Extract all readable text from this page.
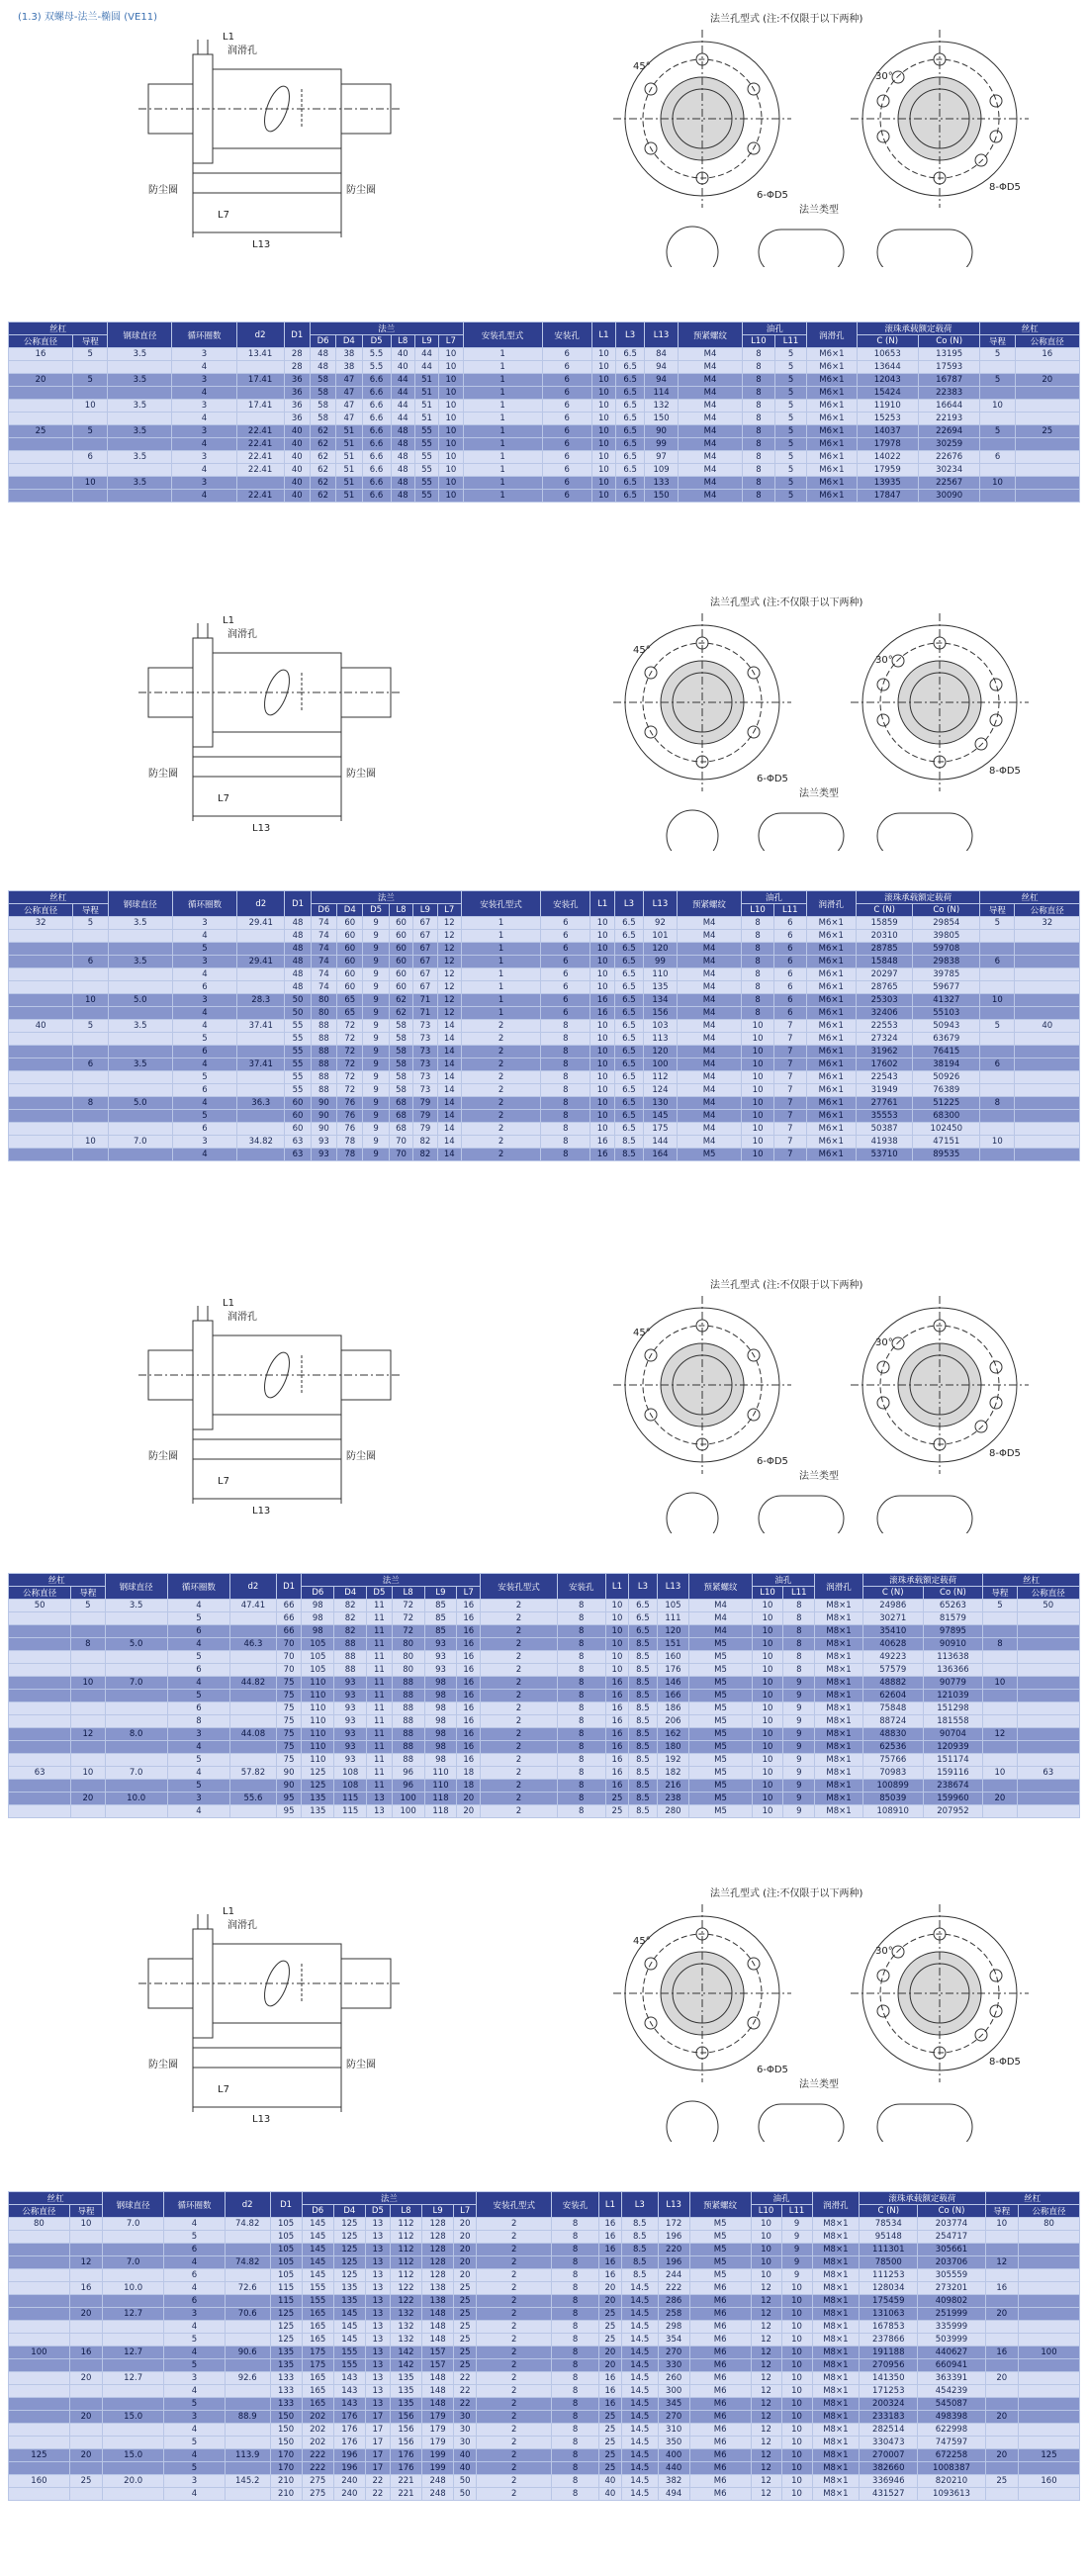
(1.3) 双螺母-法兰-椭圆 (VE11)
润滑孔
防尘圈	防尘圈
L13
L7
L1
法兰孔型式 (注:不仅限于以下两种)
法兰类型
45°
6-ΦD5
30°
8-ΦD5
润滑孔
防尘圈	防尘圈
L13
L7
L1
法兰孔型式 (注:不仅限于以下两种)
法兰类型
45°
6-ΦD5
30°
8-ΦD5
润滑孔
防尘圈	防尘圈
L13
L7
L1
法兰孔型式 (注:不仅限于以下两种)
法兰类型
45°
6-ΦD5
30°
8-ΦD5
润滑孔
防尘圈	防尘圈
L13
L7
L1
法兰孔型式 (注:不仅限于以下两种)
法兰类型
45°
6-ΦD5
30°
8-ΦD5
丝杠		钢球直径	循环圈数	d2	D1	法兰						安装孔型式	安装孔	L1	L3	L13	预紧螺纹	油孔		润滑孔	滚珠承载额定载荷		丝杠	
公称直径	导程					D6	D4	D5	L8	L9	L7							L10	L11		C (N)	Co (N)	导程	公称直径
16	5	3.5	3	13.41	28	48	38	5.5	40	44	10	1	6	10	6.5	84	M4	8	5	M6×1	10653	13195	5	16
			4		28	48	38	5.5	40	44	10	1	6	10	6.5	94	M4	8	5	M6×1	13644	17593		
20	5	3.5	3	17.41	36	58	47	6.6	44	51	10	1	6	10	6.5	94	M4	8	5	M6×1	12043	16787	5	20
			4		36	58	47	6.6	44	51	10	1	6	10	6.5	114	M4	8	5	M6×1	15424	22383		
	10	3.5	3	17.41	36	58	47	6.6	44	51	10	1	6	10	6.5	132	M4	8	5	M6×1	11910	16644	10	
			4		36	58	47	6.6	44	51	10	1	6	10	6.5	150	M4	8	5	M6×1	15253	22193		
25	5	3.5	3	22.41	40	62	51	6.6	48	55	10	1	6	10	6.5	90	M4	8	5	M6×1	14037	22694	5	25
			4	22.41	40	62	51	6.6	48	55	10	1	6	10	6.5	99	M4	8	5	M6×1	17978	30259		
	6	3.5	3	22.41	40	62	51	6.6	48	55	10	1	6	10	6.5	97	M4	8	5	M6×1	14022	22676	6	
			4	22.41	40	62	51	6.6	48	55	10	1	6	10	6.5	109	M4	8	5	M6×1	17959	30234		
	10	3.5	3		40	62	51	6.6	48	55	10	1	6	10	6.5	133	M4	8	5	M6×1	13935	22567	10	
			4	22.41	40	62	51	6.6	48	55	10	1	6	10	6.5	150	M4	8	5	M6×1	17847	30090		
丝杠		钢球直径	循环圈数	d2	D1	法兰						安装孔型式	安装孔	L1	L3	L13	预紧螺纹	油孔		润滑孔	滚珠承载额定载荷		丝杠	
公称直径	导程					D6	D4	D5	L8	L9	L7							L10	L11		C (N)	Co (N)	导程	公称直径
32	5	3.5	3	29.41	48	74	60	9	60	67	12	1	6	10	6.5	92	M4	8	6	M6×1	15859	29854	5	32
			4		48	74	60	9	60	67	12	1	6	10	6.5	101	M4	8	6	M6×1	20310	39805		
			5		48	74	60	9	60	67	12	1	6	10	6.5	120	M4	8	6	M6×1	28785	59708		
	6	3.5	3	29.41	48	74	60	9	60	67	12	1	6	10	6.5	99	M4	8	6	M6×1	15848	29838	6	
			4		48	74	60	9	60	67	12	1	6	10	6.5	110	M4	8	6	M6×1	20297	39785		
			6		48	74	60	9	60	67	12	1	6	10	6.5	135	M4	8	6	M6×1	28765	59677		
	10	5.0	3	28.3	50	80	65	9	62	71	12	1	6	16	6.5	134	M4	8	6	M6×1	25303	41327	10	
			4		50	80	65	9	62	71	12	1	6	16	6.5	156	M4	8	6	M6×1	32406	55103		
40	5	3.5	4	37.41	55	88	72	9	58	73	14	2	8	10	6.5	103	M4	10	7	M6×1	22553	50943	5	40
			5		55	88	72	9	58	73	14	2	8	10	6.5	113	M4	10	7	M6×1	27324	63679		
			6		55	88	72	9	58	73	14	2	8	10	6.5	120	M4	10	7	M6×1	31962	76415		
	6	3.5	4	37.41	55	88	72	9	58	73	14	2	8	10	6.5	100	M4	10	7	M6×1	17602	38194	6	
			5		55	88	72	9	58	73	14	2	8	10	6.5	112	M4	10	7	M6×1	22543	50926		
			6		55	88	72	9	58	73	14	2	8	10	6.5	124	M4	10	7	M6×1	31949	76389		
	8	5.0	4	36.3	60	90	76	9	68	79	14	2	8	10	6.5	130	M4	10	7	M6×1	27761	51225	8	
			5		60	90	76	9	68	79	14	2	8	10	6.5	145	M4	10	7	M6×1	35553	68300		
			6		60	90	76	9	68	79	14	2	8	10	6.5	175	M4	10	7	M6×1	50387	102450		
	10	7.0	3	34.82	63	93	78	9	70	82	14	2	8	16	8.5	144	M4	10	7	M6×1	41938	47151	10	
			4		63	93	78	9	70	82	14	2	8	16	8.5	164	M5	10	7	M6×1	53710	89535		
丝杠		钢球直径	循环圈数	d2	D1	法兰						安装孔型式	安装孔	L1	L3	L13	预紧螺纹	油孔		润滑孔	滚珠承载额定载荷		丝杠	
公称直径	导程					D6	D4	D5	L8	L9	L7							L10	L11		C (N)	Co (N)	导程	公称直径
50	5	3.5	4	47.41	66	98	82	11	72	85	16	2	8	10	6.5	105	M4	10	8	M8×1	24986	65263	5	50
			5		66	98	82	11	72	85	16	2	8	10	6.5	111	M4	10	8	M8×1	30271	81579		
			6		66	98	82	11	72	85	16	2	8	10	6.5	120	M4	10	8	M8×1	35410	97895		
	8	5.0	4	46.3	70	105	88	11	80	93	16	2	8	10	8.5	151	M5	10	8	M8×1	40628	90910	8	
			5		70	105	88	11	80	93	16	2	8	10	8.5	160	M5	10	8	M8×1	49223	113638		
			6		70	105	88	11	80	93	16	2	8	10	8.5	176	M5	10	8	M8×1	57579	136366		
	10	7.0	4	44.82	75	110	93	11	88	98	16	2	8	16	8.5	146	M5	10	9	M8×1	48882	90779	10	
			5		75	110	93	11	88	98	16	2	8	16	8.5	166	M5	10	9	M8×1	62604	121039		
			6		75	110	93	11	88	98	16	2	8	16	8.5	186	M5	10	9	M8×1	75848	151298		
			8		75	110	93	11	88	98	16	2	8	16	8.5	206	M5	10	9	M8×1	88724	181558		
	12	8.0	3	44.08	75	110	93	11	88	98	16	2	8	16	8.5	162	M5	10	9	M8×1	48830	90704	12	
			4		75	110	93	11	88	98	16	2	8	16	8.5	180	M5	10	9	M8×1	62536	120939		
			5		75	110	93	11	88	98	16	2	8	16	8.5	192	M5	10	9	M8×1	75766	151174		
63	10	7.0	4	57.82	90	125	108	11	96	110	18	2	8	16	8.5	182	M5	10	9	M8×1	70983	159116	10	63
			5		90	125	108	11	96	110	18	2	8	16	8.5	216	M5	10	9	M8×1	100899	238674		
	20	10.0	3	55.6	95	135	115	13	100	118	20	2	8	25	8.5	238	M5	10	9	M8×1	85039	159960	20	
			4		95	135	115	13	100	118	20	2	8	25	8.5	280	M5	10	9	M8×1	108910	207952		
丝杠		钢球直径	循环圈数	d2	D1	法兰						安装孔型式	安装孔	L1	L3	L13	预紧螺纹	油孔		润滑孔	滚珠承载额定载荷		丝杠	
公称直径	导程					D6	D4	D5	L8	L9	L7							L10	L11		C (N)	Co (N)	导程	公称直径
80	10	7.0	4	74.82	105	145	125	13	112	128	20	2	8	16	8.5	172	M5	10	9	M8×1	78534	203774	10	80
			5		105	145	125	13	112	128	20	2	8	16	8.5	196	M5	10	9	M8×1	95148	254717		
			6		105	145	125	13	112	128	20	2	8	16	8.5	220	M5	10	9	M8×1	111301	305661		
	12	7.0	4	74.82	105	145	125	13	112	128	20	2	8	16	8.5	196	M5	10	9	M8×1	78500	203706	12	
			6		105	145	125	13	112	128	20	2	8	16	8.5	244	M5	10	9	M8×1	111253	305559		
	16	10.0	4	72.6	115	155	135	13	122	138	25	2	8	20	14.5	222	M6	12	10	M8×1	128034	273201	16	
			6		115	155	135	13	122	138	25	2	8	20	14.5	286	M6	12	10	M8×1	175459	409802		
	20	12.7	3	70.6	125	165	145	13	132	148	25	2	8	25	14.5	258	M6	12	10	M8×1	131063	251999	20	
			4		125	165	145	13	132	148	25	2	8	25	14.5	298	M6	12	10	M8×1	167853	335999		
			5		125	165	145	13	132	148	25	2	8	25	14.5	354	M6	12	10	M8×1	237866	503999		
100	16	12.7	4	90.6	135	175	155	13	142	157	25	2	8	20	14.5	270	M6	12	10	M8×1	191188	440627	16	100
			5		135	175	155	13	142	157	25	2	8	20	14.5	330	M6	12	10	M8×1	270956	660941		
	20	12.7	3	92.6	133	165	143	13	135	148	22	2	8	16	14.5	260	M6	12	10	M8×1	141350	363391	20	
			4		133	165	143	13	135	148	22	2	8	16	14.5	300	M6	12	10	M8×1	171253	454239		
			5		133	165	143	13	135	148	22	2	8	16	14.5	345	M6	12	10	M8×1	200324	545087		
	20	15.0	3	88.9	150	202	176	17	156	179	30	2	8	25	14.5	270	M6	12	10	M8×1	233183	498398	20	
			4		150	202	176	17	156	179	30	2	8	25	14.5	310	M6	12	10	M8×1	282514	622998		
			5		150	202	176	17	156	179	30	2	8	25	14.5	350	M6	12	10	M8×1	330473	747597		
125	20	15.0	4	113.9	170	222	196	17	176	199	40	2	8	25	14.5	400	M6	12	10	M8×1	270007	672258	20	125
			5		170	222	196	17	176	199	40	2	8	25	14.5	440	M6	12	10	M8×1	382660	1008387		
160	25	20.0	3	145.2	210	275	240	22	221	248	50	2	8	40	14.5	382	M6	12	10	M8×1	336946	820210	25	160
			4		210	275	240	22	221	248	50	2	8	40	14.5	494	M6	12	10	M8×1	431527	1093613		
